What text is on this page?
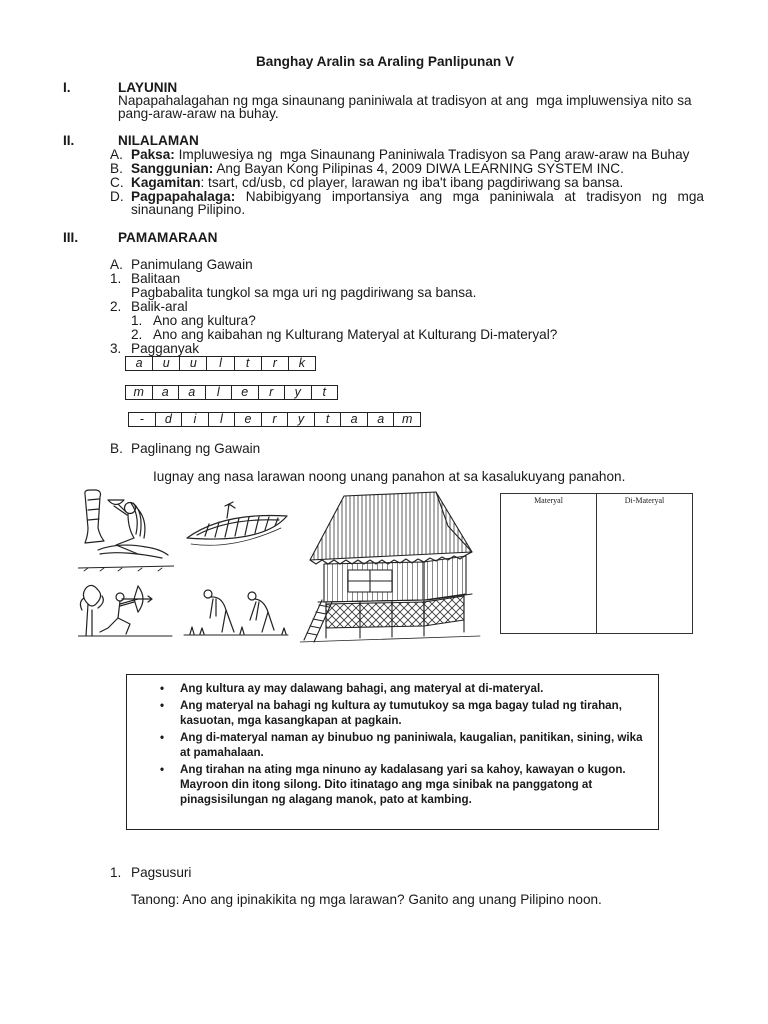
Banghay Aralin sa Araling Panlipunan V
I.	LAYUNIN
Napapahalagahan ng mga sinaunang paniniwala at tradisyon at ang  mga impluwensiya nito sa
pang-araw-araw na buhay.
II.	NILALAMAN
A. Paksa: Impluwesiya ng  mga Sinaunang Paniniwala Tradisyon sa Pang araw-araw na Buhay
B. Sanggunian: Ang Bayan Kong Pilipinas 4, 2009 DIWA LEARNING SYSTEM INC.
C. Kagamitan: tsart, cd/usb, cd player, larawan ng iba't ibang pagdiriwang sa bansa.
D. Pagpapahalaga: Nabibigyang importansiya ang mga paniniwala at tradisyon ng mga
sinaunang Pilipino.
III.	PAMAMARAAN
A. Panimulang Gawain
1. Balitaan
Pagbabalita tungkol sa mga uri ng pagdiriwang sa bansa.
2. Balik-aral
1. Ano ang kultura?
2. Ano ang kaibahan ng Kulturang Materyal at Kulturang Di-materyal?
3. Pagganyak
a	u	u	l	t	r	k
m	a	a	l	e	r	y	t
-	d	i	l	e	r	y	t	a	a	m
B. Paglinang ng Gawain
Iugnay ang nasa larawan noong unang panahon at sa kasalukuyang panahon.
Materyal	Di-Materyal
• Ang kultura ay may dalawang bahagi, ang materyal at di-materyal.
• Ang materyal na bahagi ng kultura ay tumutukoy sa mga bagay tulad ng tirahan,
kasuotan, mga kasangkapan at pagkain.
• Ang di-materyal naman ay binubuo ng paniniwala, kaugalian, panitikan, sining, wika
at pamahalaan.
• Ang tirahan na ating mga ninuno ay kadalasang yari sa kahoy, kawayan o kugon.
Mayroon din itong silong. Dito itinatago ang mga sinibak na panggatong at
pinagsisilungan ng alagang manok, pato at kambing.
1. Pagsusuri
Tanong: Ano ang ipinakikita ng mga larawan? Ganito ang unang Pilipino noon.
